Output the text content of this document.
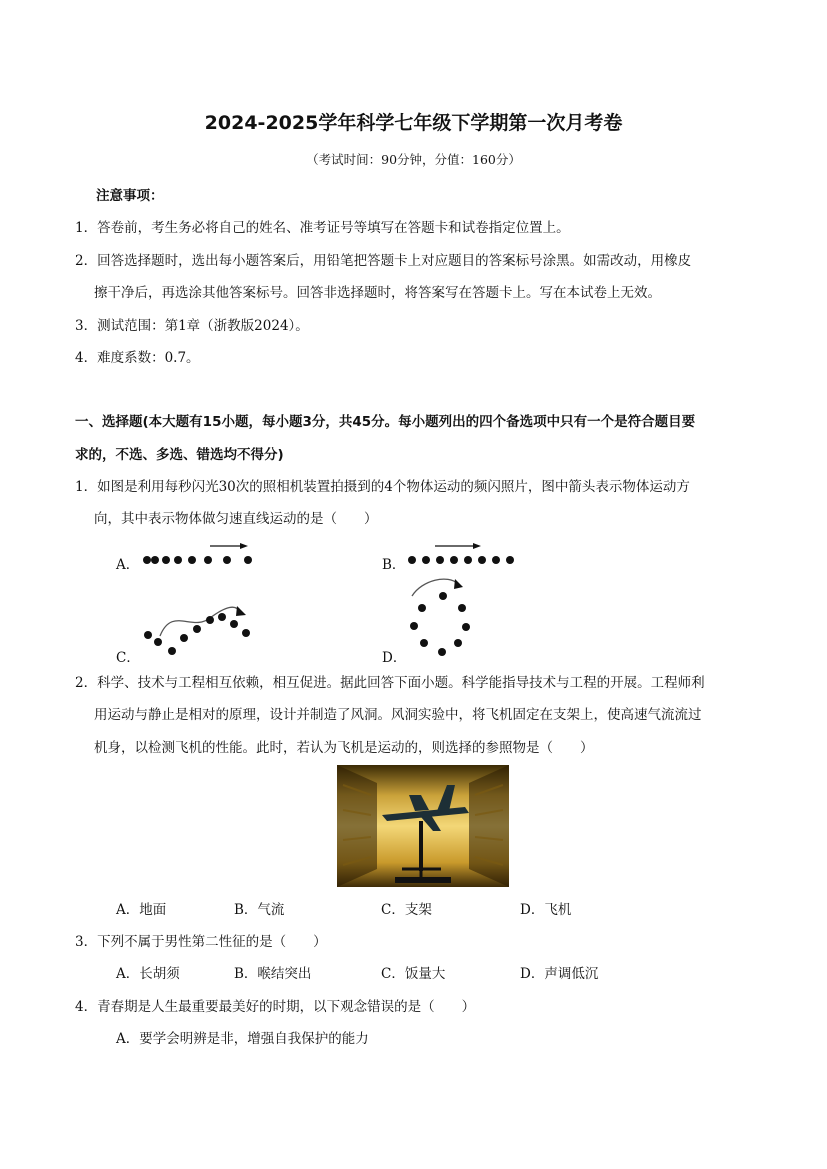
2024-2025学年科学七年级下学期第一次月考卷
（考试时间：90分钟，分值：160分）
注意事项：
1．答卷前，考生务必将自己的姓名、准考证号等填写在答题卡和试卷指定位置上。
2．回答选择题时，选出每小题答案后，用铅笔把答题卡上对应题目的答案标号涂黑。如需改动，用橡皮
擦干净后，再选涂其他答案标号。回答非选择题时，将答案写在答题卡上。写在本试卷上无效。
3．测试范围：第1章（浙教版2024）。
4．难度系数：0.7。
一、选择题(本大题有15小题，每小题3分，共45分。每小题列出的四个备选项中只有一个是符合题目要
求的，不选、多选、错选均不得分)
1．如图是利用每秒闪光30次的照相机装置拍摄到的4个物体运动的频闪照片，图中箭头表示物体运动方
向，其中表示物体做匀速直线运动的是（　　）
A．	B．
C．	D．
2．科学、技术与工程相互依赖，相互促进。据此回答下面小题。科学能指导技术与工程的开展。工程师利
用运动与静止是相对的原理，设计并制造了风洞。风洞实验中，将飞机固定在支架上，使高速气流流过
机身，以检测飞机的性能。此时，若认为飞机是运动的，则选择的参照物是（　　）
A．地面	B．气流	C．支架	D．飞机
3．下列不属于男性第二性征的是（　　）
A．长胡须	B．喉结突出	C．饭量大	D．声调低沉
4．青春期是人生最重要最美好的时期，以下观念错误的是（　　）
A．要学会明辨是非，增强自我保护的能力
